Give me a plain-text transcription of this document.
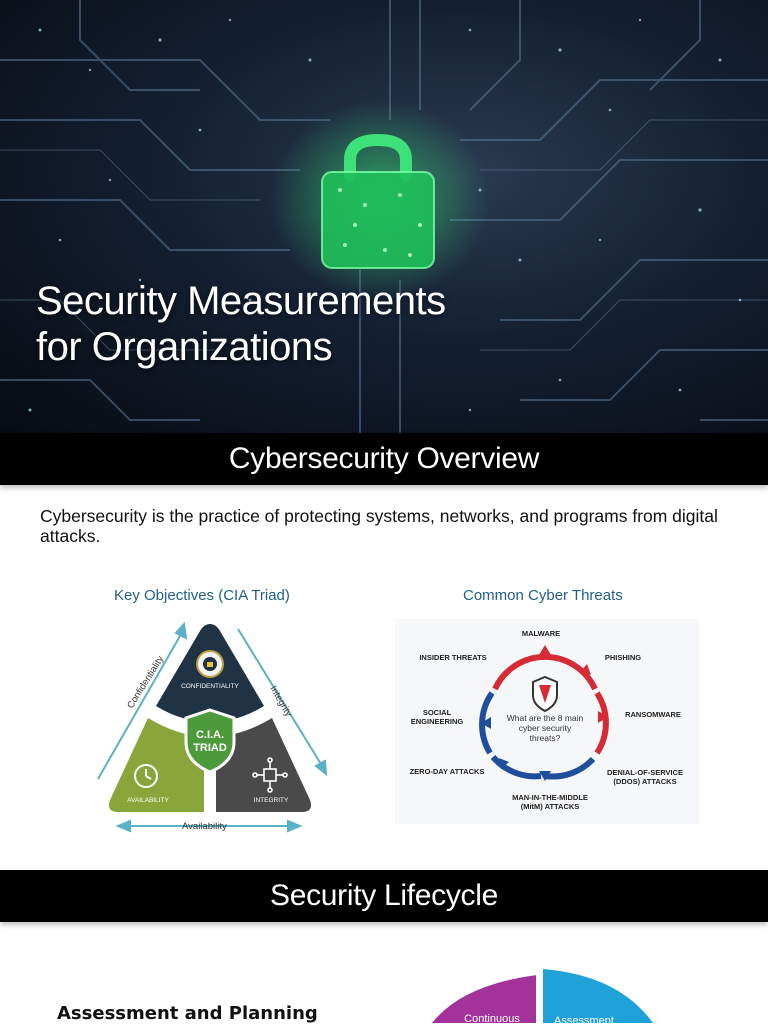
Security Measurements
for Organizations
Cybersecurity Overview
Cybersecurity is the practice of protecting systems, networks, and programs from digital attacks.
Key Objectives (CIA Triad)	Common Cyber Threats
Confidentiality	Integrity
Availability
CONFIDENTIALITY
AVAILABILITY	INTEGRITY
C.I.A.
TRIAD
What are the 8 main
cyber security
threats?
MALWARE
PHISHING
RANSOMWARE
DENIAL-OF-SERVICE
(DDOS) ATTACKS
MAN-IN-THE-MIDDLE
(MitM) ATTACKS
ZERO-DAY ATTACKS
SOCIAL
ENGINEERING
INSIDER THREATS
Security Lifecycle
Assessment and Planning	Continuous	Assessment
